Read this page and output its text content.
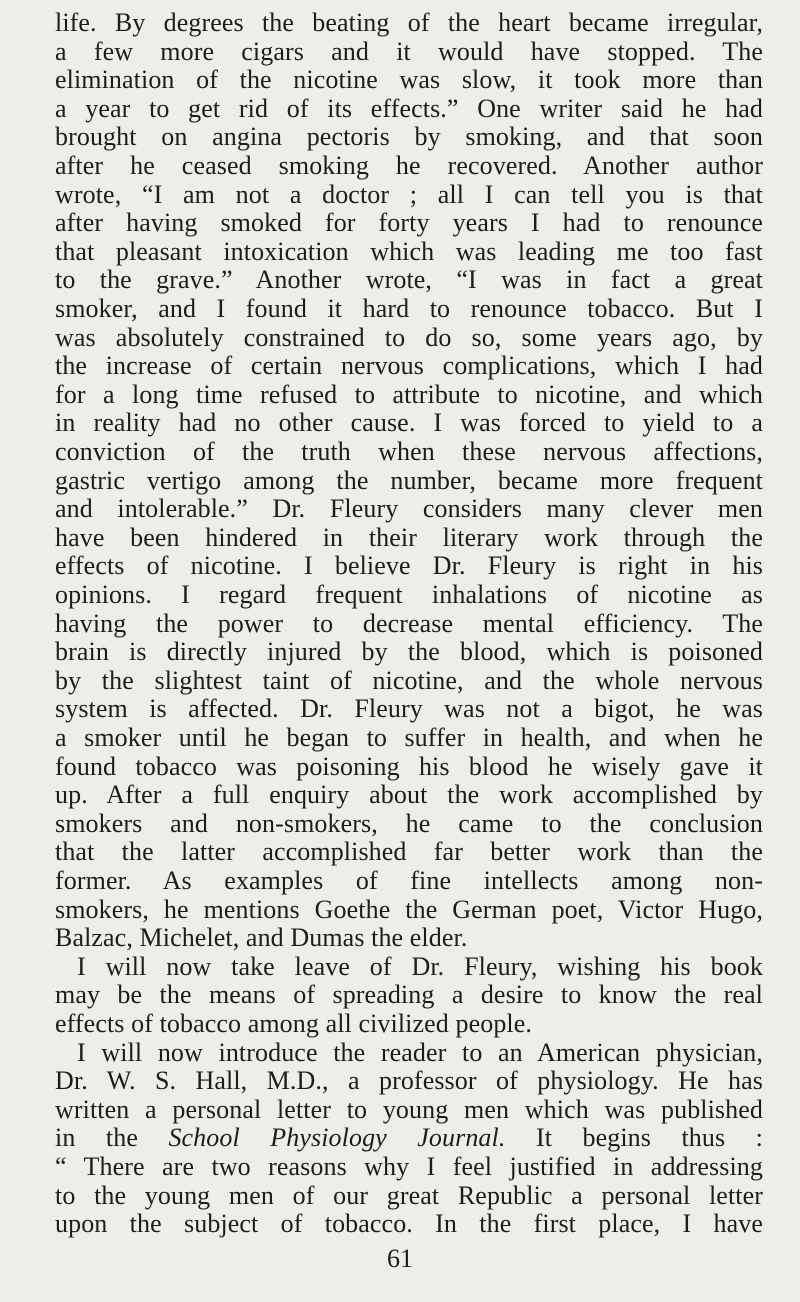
life. By degrees the beating of the heart became irregular,
a few more cigars and it would have stopped. The
elimination of the nicotine was slow, it took more than
a year to get rid of its effects.” One writer said he had
brought on angina pectoris by smoking, and that soon
after he ceased smoking he recovered. Another author
wrote, “I am not a doctor ; all I can tell you is that
after having smoked for forty years I had to renounce
that pleasant intoxication which was leading me too fast
to the grave.” Another wrote, “I was in fact a great
smoker, and I found it hard to renounce tobacco. But I
was absolutely constrained to do so, some years ago, by
the increase of certain nervous complications, which I had
for a long time refused to attribute to nicotine, and which
in reality had no other cause. I was forced to yield to a
conviction of the truth when these nervous affections,
gastric vertigo among the number, became more frequent
and intolerable.” Dr. Fleury considers many clever men
have been hindered in their literary work through the
effects of nicotine. I believe Dr. Fleury is right in his
opinions. I regard frequent inhalations of nicotine as
having the power to decrease mental efficiency. The
brain is directly injured by the blood, which is poisoned
by the slightest taint of nicotine, and the whole nervous
system is affected. Dr. Fleury was not a bigot, he was
a smoker until he began to suffer in health, and when he
found tobacco was poisoning his blood he wisely gave it
up. After a full enquiry about the work accomplished by
smokers and non-smokers, he came to the conclusion
that the latter accomplished far better work than the
former. As examples of fine intellects among non-
smokers, he mentions Goethe the German poet, Victor Hugo,
Balzac, Michelet, and Dumas the elder.
I will now take leave of Dr. Fleury, wishing his book
may be the means of spreading a desire to know the real
effects of tobacco among all civilized people.
I will now introduce the reader to an American physician,
Dr. W. S. Hall, M.D., a professor of physiology. He has
written a personal letter to young men which was published
in the School Physiology Journal. It begins thus :
“ There are two reasons why I feel justified in addressing
to the young men of our great Republic a personal letter
upon the subject of tobacco. In the first place, I have
61
